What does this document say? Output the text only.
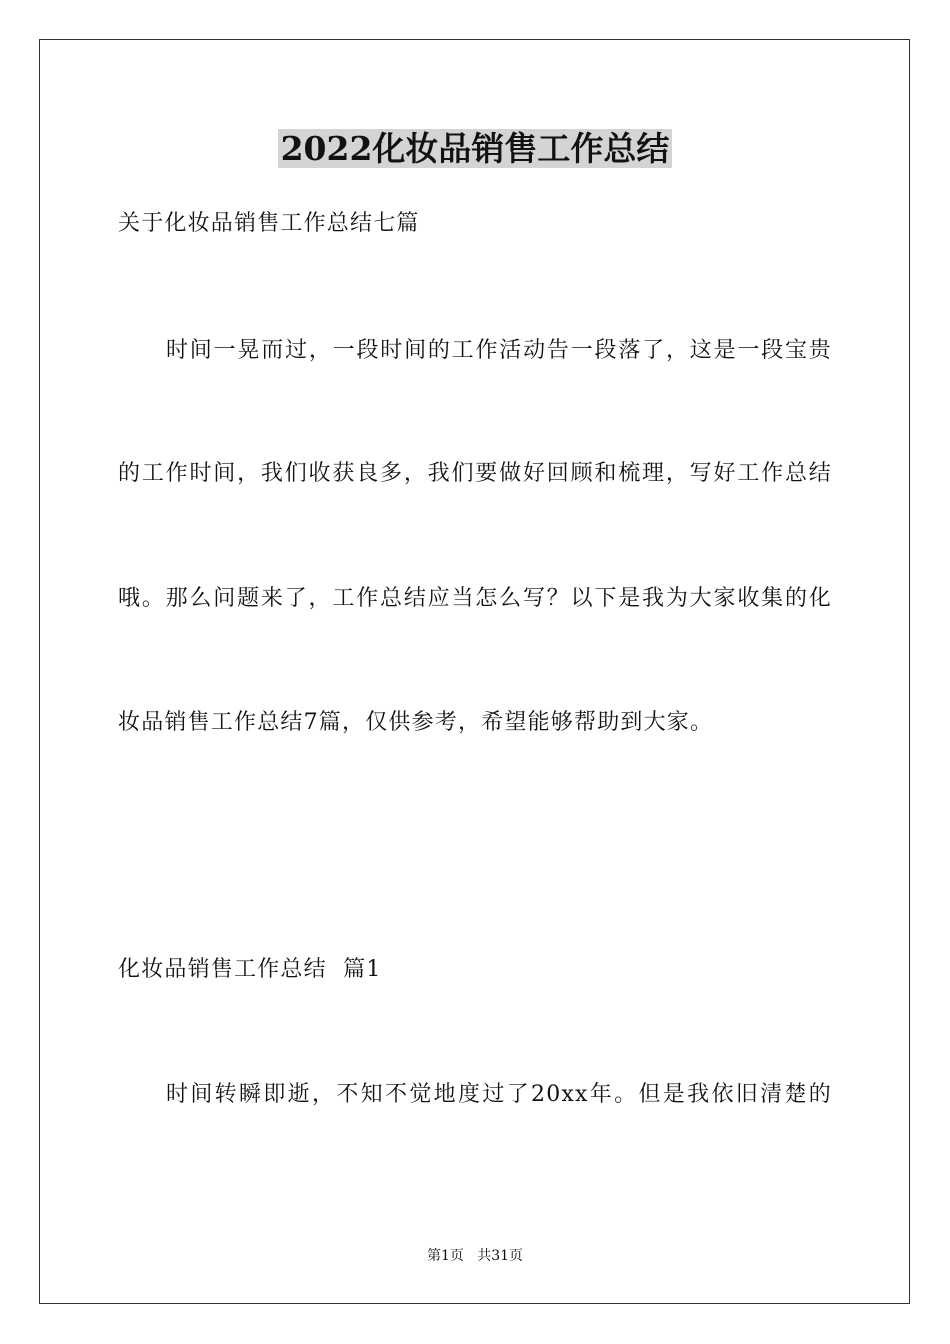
2022化妆品销售工作总结
关于化妆品销售工作总结七篇
时间一晃而过，一段时间的工作活动告一段落了，这是一段宝贵
的工作时间，我们收获良多，我们要做好回顾和梳理，写好工作总结
哦。那么问题来了，工作总结应当怎么写？以下是我为大家收集的化
妆品销售工作总结7篇，仅供参考，希望能够帮助到大家。
化妆品销售工作总结  篇1
时间转瞬即逝，不知不觉地度过了20xx年。但是我依旧清楚的
第1页   共31页
